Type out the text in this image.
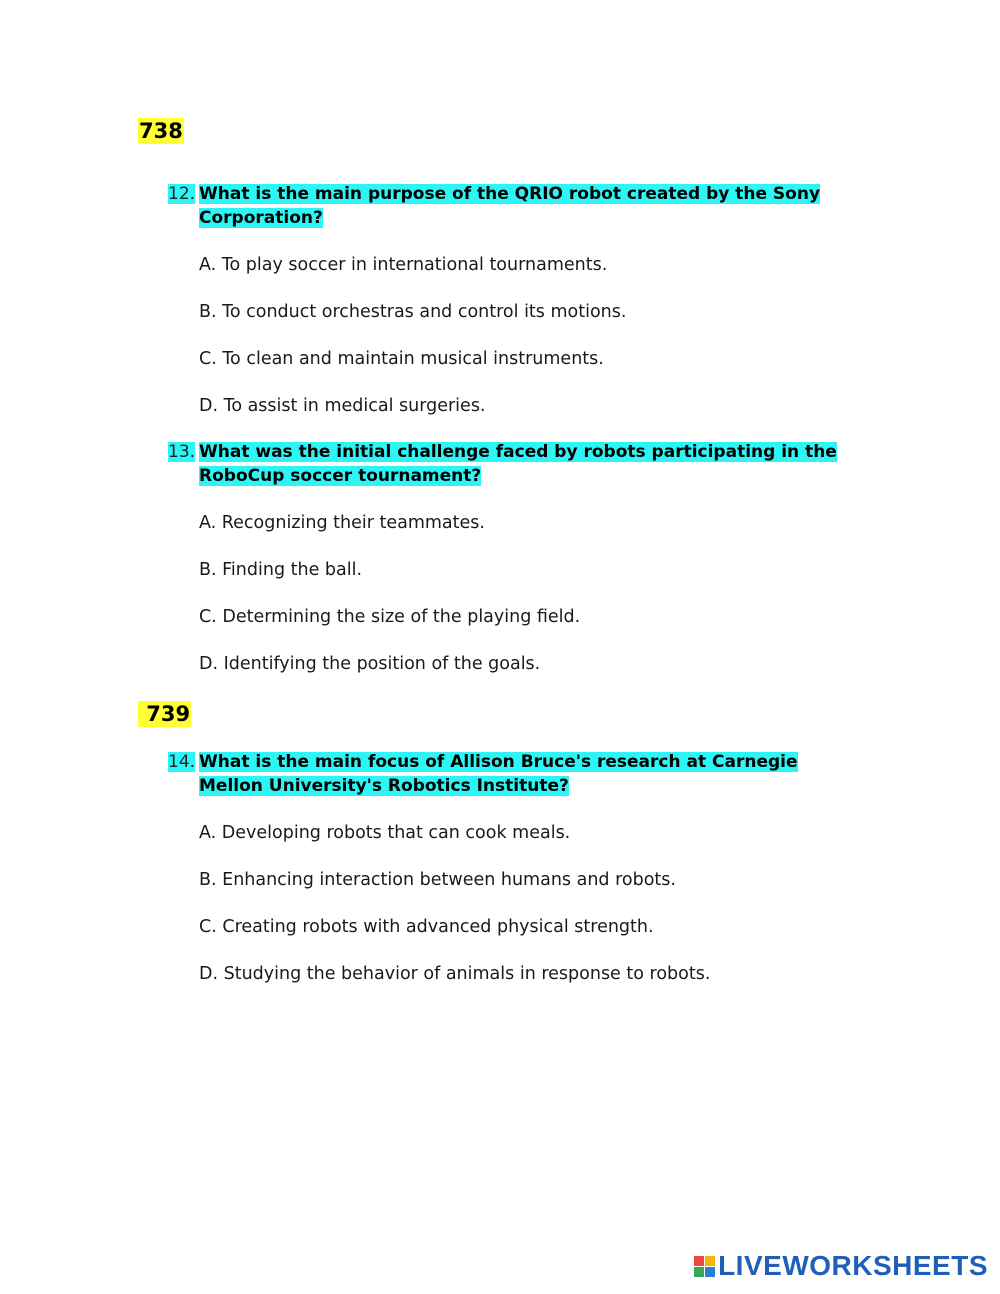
738
12. What is the main purpose of the QRIO robot created by the Sony Corporation?
A. To play soccer in international tournaments.
B. To conduct orchestras and control its motions.
C. To clean and maintain musical instruments.
D. To assist in medical surgeries.
13. What was the initial challenge faced by robots participating in the RoboCup soccer tournament?
A. Recognizing their teammates.
B. Finding the ball.
C. Determining the size of the playing field.
D. Identifying the position of the goals.
739
14. What is the main focus of Allison Bruce's research at Carnegie Mellon University's Robotics Institute?
A. Developing robots that can cook meals.
B. Enhancing interaction between humans and robots.
C. Creating robots with advanced physical strength.
D. Studying the behavior of animals in response to robots.
LIVEWORKSHEETS
